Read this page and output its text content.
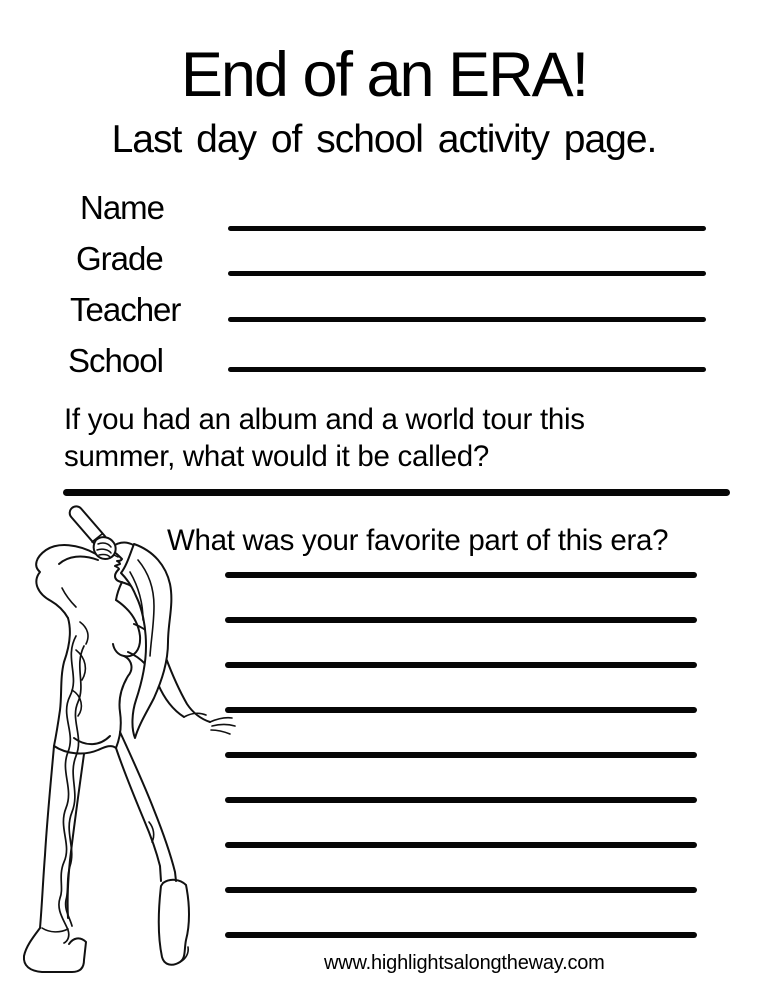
End of an ERA!
Last day of school activity page.
Name
Grade
Teacher
School
If you had an album and a world tour this summer, what would it be called?
What was your favorite part of this era?
www.highlightsalongtheway.com
